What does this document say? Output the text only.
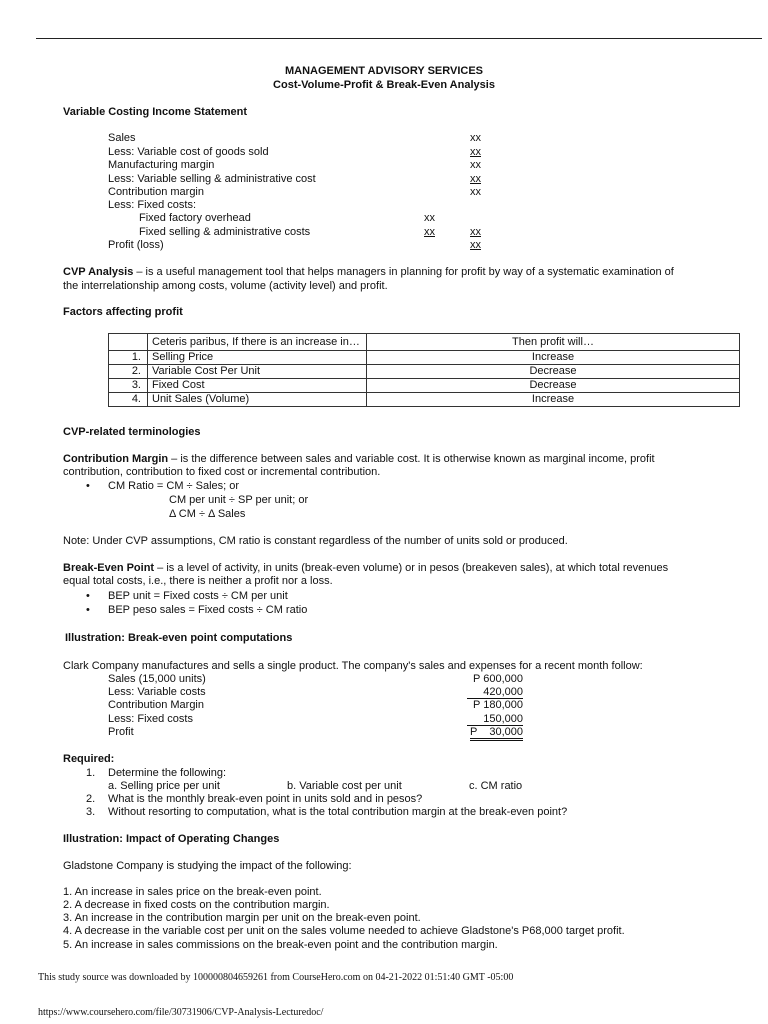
MANAGEMENT ADVISORY SERVICES
Cost-Volume-Profit & Break-Even Analysis
Variable Costing Income Statement
Sales	xx
Less: Variable cost of goods sold	xx
Manufacturing margin	xx
Less: Variable selling & administrative cost	xx
Contribution margin	xx
Less: Fixed costs:
Fixed factory overhead	xx
Fixed selling & administrative costs	xx	xx
Profit (loss)	xx
CVP Analysis – is a useful management tool that helps managers in planning for profit by way of a systematic examination of
the interrelationship among costs, volume (activity level) and profit.
Factors affecting profit
	Ceteris paribus, If there is an increase in…	Then profit will…
1.	Selling Price	Increase
2.	Variable Cost Per Unit	Decrease
3.	Fixed Cost	Decrease
4.	Unit Sales (Volume)	Increase
CVP-related terminologies
Contribution Margin – is the difference between sales and variable cost. It is otherwise known as marginal income, profit
contribution, contribution to fixed cost or incremental contribution.
• CM Ratio = CM ÷ Sales; or
CM per unit ÷ SP per unit; or
Δ CM ÷ Δ Sales
Note: Under CVP assumptions, CM ratio is constant regardless of the number of units sold or produced.
Break-Even Point – is a level of activity, in units (break-even volume) or in pesos (breakeven sales), at which total revenues
equal total costs, i.e., there is neither a profit nor a loss.
• BEP unit = Fixed costs ÷ CM per unit
• BEP peso sales = Fixed costs ÷ CM ratio
Illustration: Break-even point computations
Clark Company manufactures and sells a single product. The company's sales and expenses for a recent month follow:
Sales (15,000 units)	P 600,000
Less: Variable costs	420,000
Contribution Margin	P 180,000
Less: Fixed costs	150,000
Profit	P    30,000
Required:
1. Determine the following:
a. Selling price per unit	b. Variable cost per unit	c. CM ratio
2. What is the monthly break-even point in units sold and in pesos?
3. Without resorting to computation, what is the total contribution margin at the break-even point?
Illustration: Impact of Operating Changes
Gladstone Company is studying the impact of the following:
1. An increase in sales price on the break-even point.
2. A decrease in fixed costs on the contribution margin.
3. An increase in the contribution margin per unit on the break-even point.
4. A decrease in the variable cost per unit on the sales volume needed to achieve Gladstone's P68,000 target profit.
5. An increase in sales commissions on the break-even point and the contribution margin.
This study source was downloaded by 100000804659261 from CourseHero.com on 04-21-2022 01:51:40 GMT -05:00
https://www.coursehero.com/file/30731906/CVP-Analysis-Lecturedoc/
